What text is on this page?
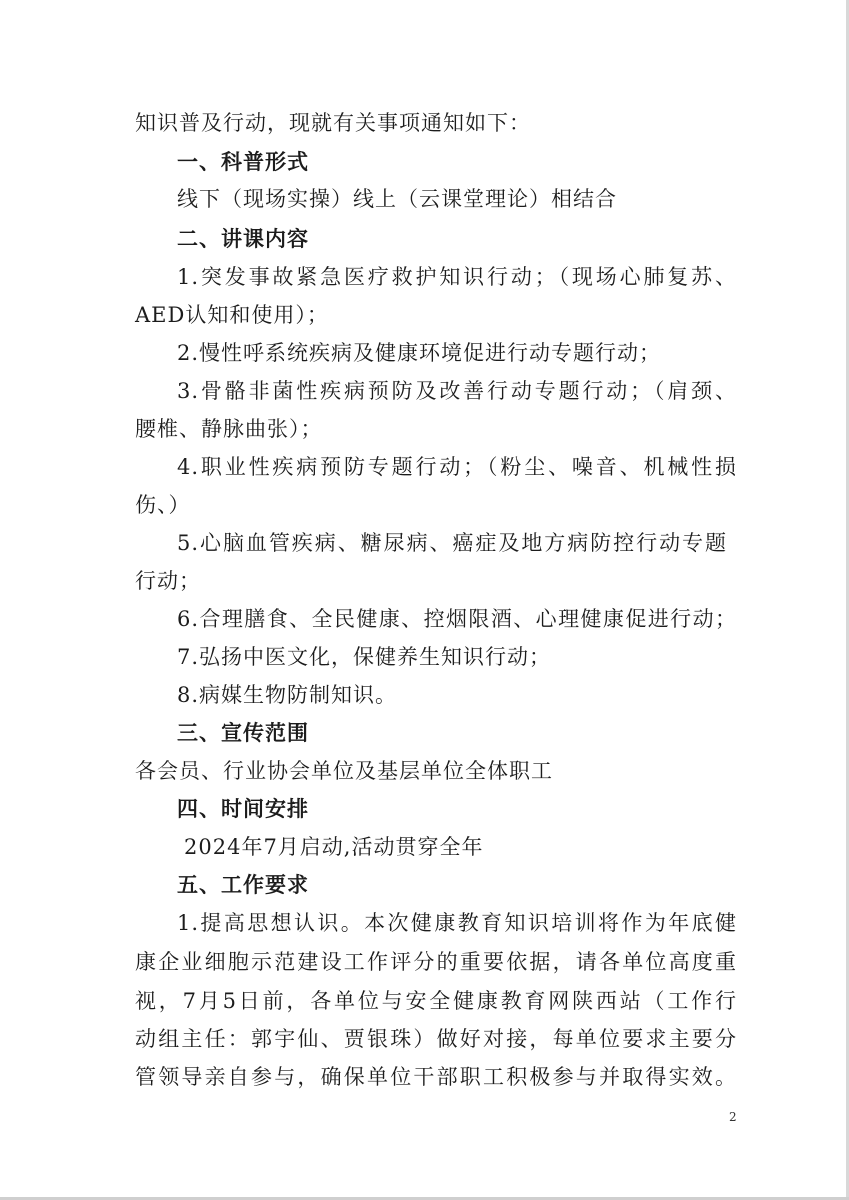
知识普及行动，现就有关事项通知如下：
一、科普形式
线下（现场实操）线上（云课堂理论）相结合
二、讲课内容
1.突发事故紧急医疗救护知识行动；（现场心肺复苏、
AED认知和使用）；
2.慢性呼系统疾病及健康环境促进行动专题行动；
3.骨骼非菌性疾病预防及改善行动专题行动；（肩颈、
腰椎、静脉曲张）；
4.职业性疾病预防专题行动；（粉尘、噪音、机械性损
伤、）
5.心脑血管疾病、糖尿病、癌症及地方病防控行动专题
行动；
6.合理膳食、全民健康、控烟限酒、心理健康促进行动；
7.弘扬中医文化，保健养生知识行动；
8.病媒生物防制知识。
三、宣传范围
各会员、行业协会单位及基层单位全体职工
四、时间安排
2024年7月启动,活动贯穿全年
五、工作要求
1.提高思想认识。本次健康教育知识培训将作为年底健
康企业细胞示范建设工作评分的重要依据，请各单位高度重
视，7月5日前，各单位与安全健康教育网陕西站（工作行
动组主任：郭宇仙、贾银珠）做好对接，每单位要求主要分
管领导亲自参与，确保单位干部职工积极参与并取得实效。
2
